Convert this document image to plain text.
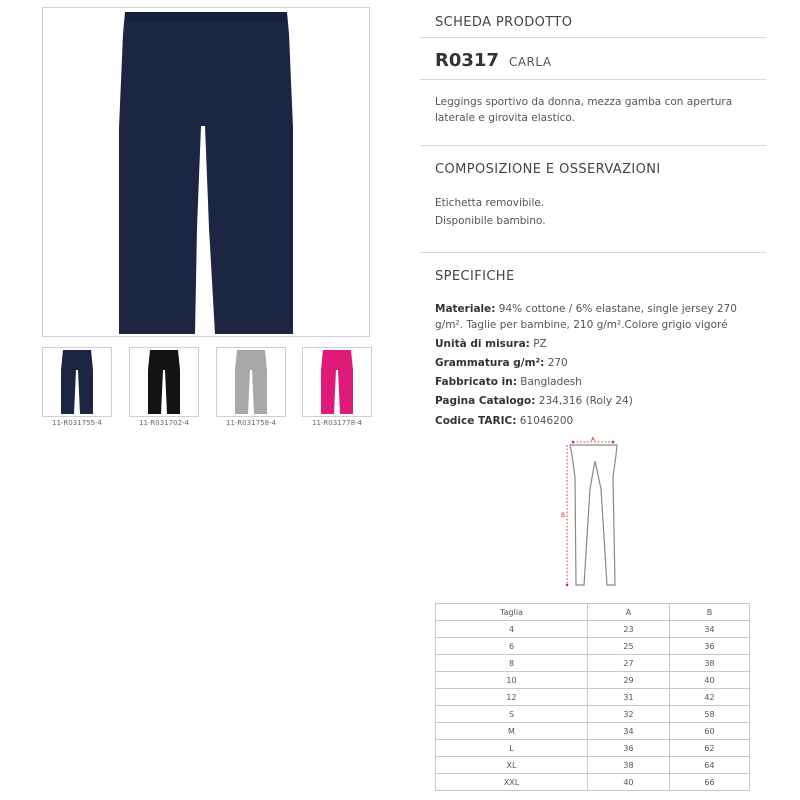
11-R031755-4	11-R031702-4	11-R031758-4	11-R031778-4
SCHEDA PRODOTTO
R0317 CARLA
Leggings sportivo da donna, mezza gamba con apertura laterale e girovita elastico.
COMPOSIZIONE E OSSERVAZIONI
Etichetta removibile.
Disponibile bambino.
SPECIFICHE
Materiale: 94% cottone / 6% elastane, single jersey 270 g/m². Taglie per bambine, 210 g/m².Colore grigio vigoré
Unità di misura: PZ
Grammatura g/m²: 270
Fabbricato in: Bangladesh
Pagina Catalogo: 234,316 (Roly 24)
Codice TARIC: 61046200
A
B
Taglia	A	B
4	23	34
6	25	36
8	27	38
10	29	40
12	31	42
S	32	58
M	34	60
L	36	62
XL	38	64
XXL	40	66
